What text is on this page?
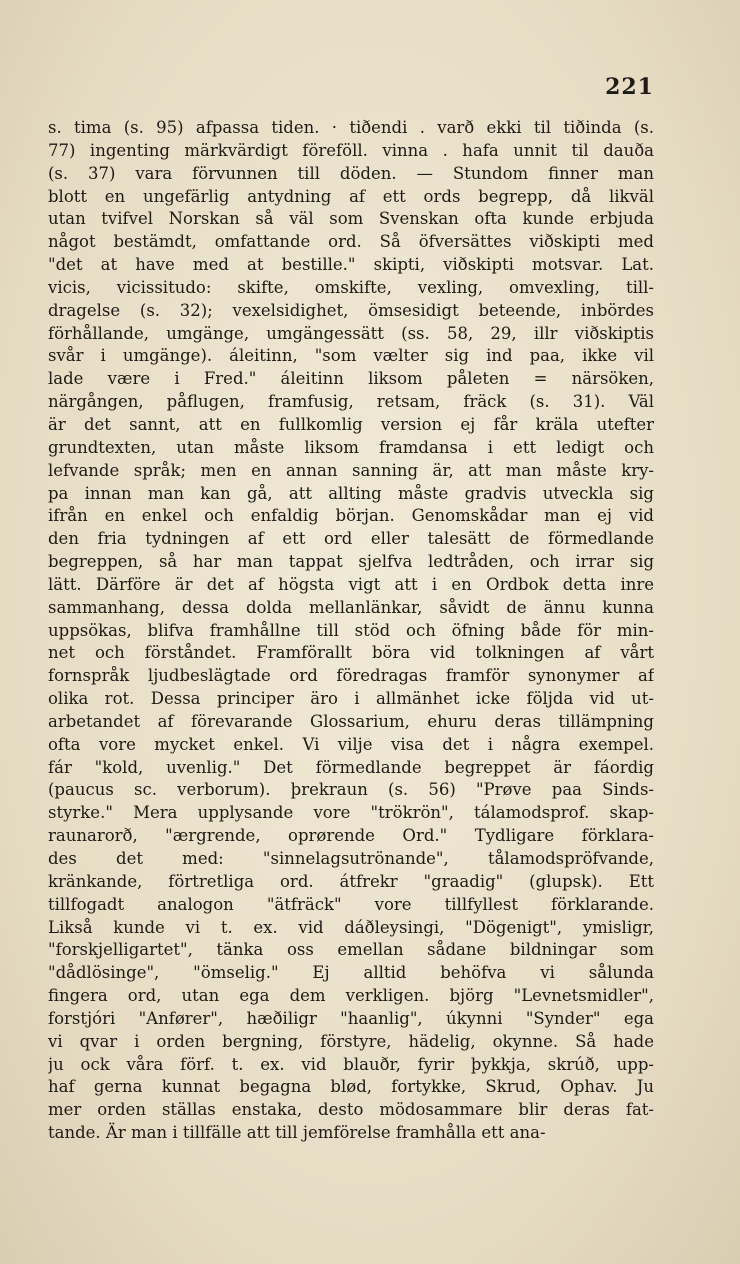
221
s. tima (s. 95) afpassa tiden. · tiðendi . varð ekki til tiðinda (s.
77) ingenting märkvärdigt föreföll. vinna . hafa unnit til dauða
(s. 37) vara förvunnen till döden. — Stundom finner man
blott en ungefärlig antydning af ett ords begrepp, då likväl
utan tvifvel Norskan så väl som Svenskan ofta kunde erbjuda
något bestämdt, omfattande ord. Så öfversättes viðskipti med
"det at have med at bestille." skipti, viðskipti motsvar. Lat.
vicis, vicissitudo: skifte, omskifte, vexling, omvexling, till-
dragelse (s. 32); vexelsidighet, ömsesidigt beteende, inbördes
förhållande, umgänge, umgängessätt (ss. 58, 29, illr viðskiptis
svår i umgänge). áleitinn, "som vælter sig ind paa, ikke vil
lade være i Fred." áleitinn liksom påleten = närsöken,
närgången, påflugen, framfusig, retsam, fräck (s. 31). Väl
är det sannt, att en fullkomlig version ej får kräla utefter
grundtexten, utan måste liksom framdansa i ett ledigt och
lefvande språk; men en annan sanning är, att man måste kry-
pa innan man kan gå, att allting måste gradvis utveckla sig
ifrån en enkel och enfaldig början. Genomskådar man ej vid
den fria tydningen af ett ord eller talesätt de förmedlande
begreppen, så har man tappat sjelfva ledtråden, och irrar sig
lätt. Därföre är det af högsta vigt att i en Ordbok detta inre
sammanhang, dessa dolda mellanlänkar, såvidt de ännu kunna
uppsökas, blifva framhållne till stöd och öfning både för min-
net och förståndet. Framförallt böra vid tolkningen af vårt
fornspråk ljudbeslägtade ord föredragas framför synonymer af
olika rot. Dessa principer äro i allmänhet icke följda vid ut-
arbetandet af förevarande Glossarium, ehuru deras tillämpning
ofta vore mycket enkel. Vi vilje visa det i några exempel.
fár "kold, uvenlig." Det förmedlande begreppet är fáordig
(paucus sc. verborum). þrekraun (s. 56) "Prøve paa Sinds-
styrke." Mera upplysande vore "trökrön", tálamodsprof. skap-
raunarorð, "ærgrende, oprørende Ord." Tydligare förklara-
des det med: "sinnelagsutrönande", tålamodspröfvande,
kränkande, förtretliga ord. átfrekr "graadig" (glupsk). Ett
tillfogadt analogon "ätfräck" vore tillfyllest förklarande.
Likså kunde vi t. ex. vid dáðleysingi, "Dögenigt", ymisligr,
"forskjelligartet", tänka oss emellan sådane bildningar som
"dådlösinge", "ömselig." Ej alltid behöfva vi sålunda
fingera ord, utan ega dem verkligen. björg "Levnetsmidler",
forstjóri "Anfører", hæðiligr "haanlig", úkynni "Synder" ega
vi qvar i orden bergning, förstyre, hädelig, okynne. Så hade
ju ock våra förf. t. ex. vid blauðr, fyrir þykkja, skrúð, upp-
haf gerna kunnat begagna blød, fortykke, Skrud, Ophav. Ju
mer orden ställas enstaka, desto mödosammare blir deras fat-
tande. Är man i tillfälle att till jemförelse framhålla ett ana-
